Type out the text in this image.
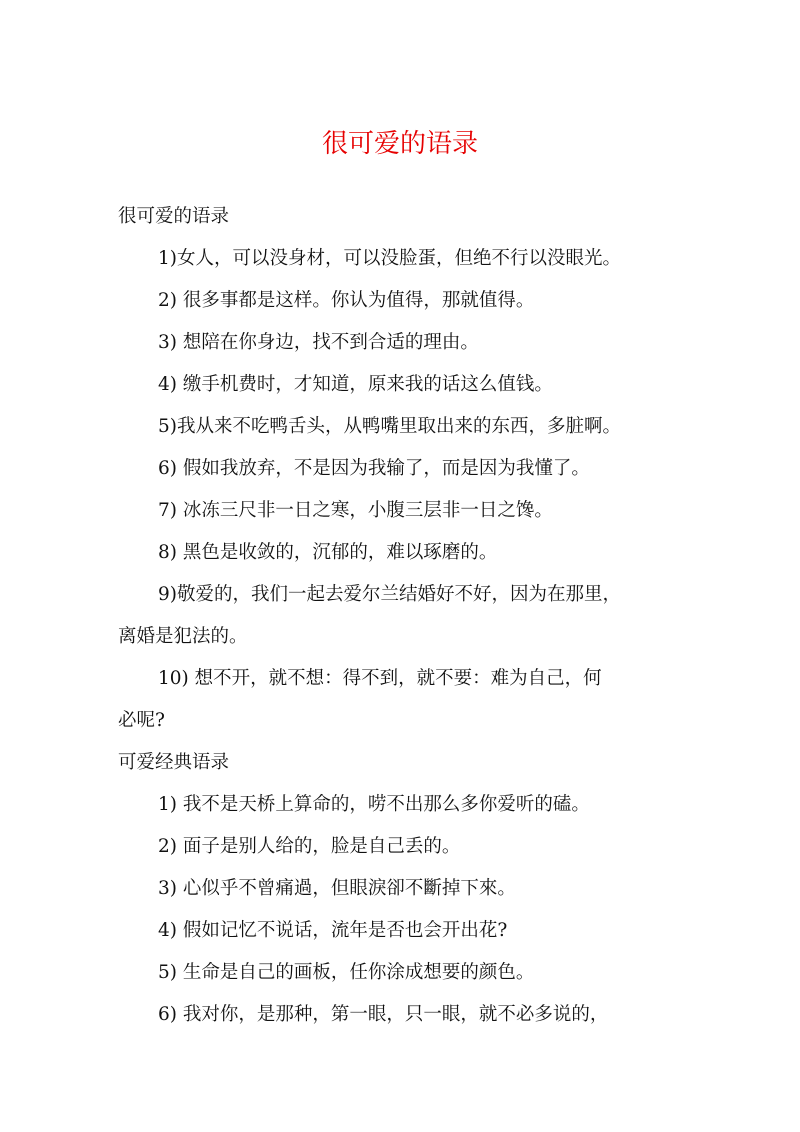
很可爱的语录
很可爱的语录
1)女人，可以没身材，可以没脸蛋，但绝不行以没眼光。
2) 很多事都是这样。你认为值得，那就值得。
3) 想陪在你身边，找不到合适的理由。
4) 缴手机费时，才知道，原来我的话这么值钱。
5)我从来不吃鸭舌头，从鸭嘴里取出来的东西，多脏啊。
6) 假如我放弃，不是因为我输了，而是因为我懂了。
7) 冰冻三尺非一日之寒，小腹三层非一日之馋。
8) 黑色是收敛的，沉郁的，难以琢磨的。
9)敬爱的，我们一起去爱尔兰结婚好不好，因为在那里，
离婚是犯法的。
10) 想不开，就不想：得不到，就不要：难为自己，何
必呢?
可爱经典语录
1) 我不是天桥上算命的，唠不出那么多你爱听的磕。
2) 面子是别人给的，脸是自己丢的。
3) 心似乎不曾痛過，但眼淚卻不斷掉下來。
4) 假如记忆不说话，流年是否也会开出花?
5) 生命是自己的画板，任你涂成想要的颜色。
6) 我对你，是那种，第一眼，只一眼，就不必多说的，
